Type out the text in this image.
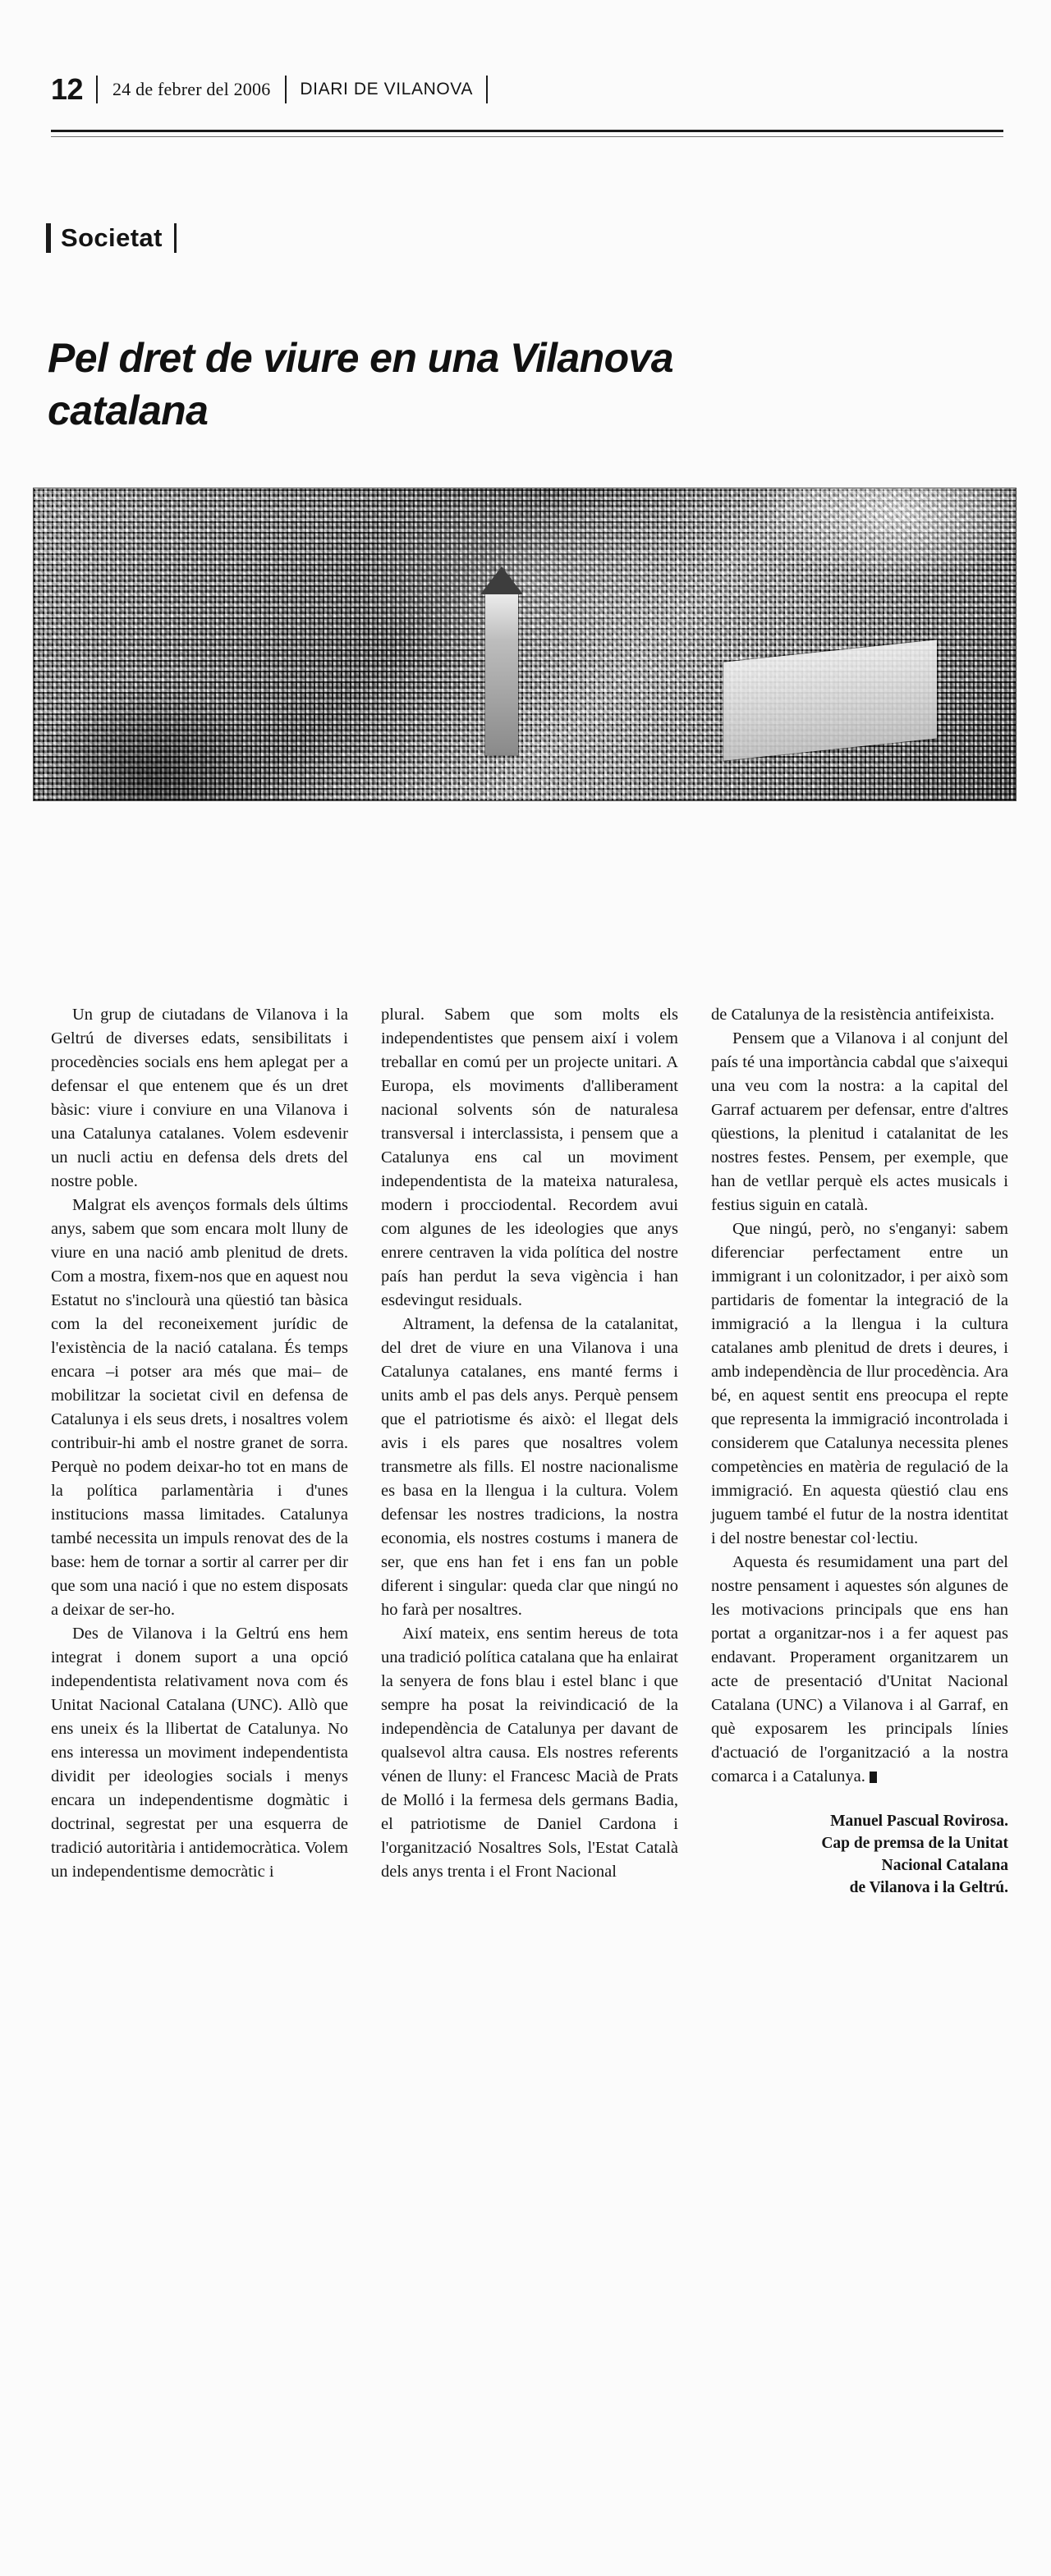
12	24 de febrer del 2006	DIARI DE VILANOVA
Societat
Pel dret de viure en una Vilanova catalana

Un grup de ciutadans de Vilanova i la Geltrú de diverses edats, sensibilitats i procedències socials ens hem aplegat per a defensar el que entenem que és un dret bàsic: viure i conviure en una Vilanova i una Catalunya catalanes. Volem esdevenir un nucli actiu en defensa dels drets del nostre poble.

Malgrat els avenços formals dels últims anys, sabem que som encara molt lluny de viure en una nació amb plenitud de drets. Com a mostra, fixem-nos que en aquest nou Estatut no s'inclourà una qüestió tan bàsica com la del reconeixement jurídic de l'existència de la nació catalana. És temps encara –i potser ara més que mai– de mobilitzar la societat civil en defensa de Catalunya i els seus drets, i nosaltres volem contribuir-hi amb el nostre granet de sorra. Perquè no podem deixar-ho tot en mans de la política parlamentària i d'unes institucions massa limitades. Catalunya també necessita un impuls renovat des de la base: hem de tornar a sortir al carrer per dir que som una nació i que no estem disposats a deixar de ser-ho.

Des de Vilanova i la Geltrú ens hem integrat i donem suport a una opció independentista relativament nova com és Unitat Nacional Catalana (UNC). Allò que ens uneix és la llibertat de Catalunya. No ens interessa un moviment independentista dividit per ideologies socials i menys encara un independentisme dogmàtic i doctrinal, segrestat per una esquerra de tradició autoritària i antidemocràtica. Volem un independentisme democràtic i

plural. Sabem que som molts els independentistes que pensem així i volem treballar en comú per un projecte unitari. A Europa, els moviments d'alliberament nacional solvents són de naturalesa transversal i interclassista, i pensem que a Catalunya ens cal un moviment independentista de la mateixa naturalesa, modern i procciodental. Recordem avui com algunes de les ideologies que anys enrere centraven la vida política del nostre país han perdut la seva vigència i han esdevingut residuals.

Altrament, la defensa de la catalanitat, del dret de viure en una Vilanova i una Catalunya catalanes, ens manté ferms i units amb el pas dels anys. Perquè pensem que el patriotisme és això: el llegat dels avis i els pares que nosaltres volem transmetre als fills. El nostre nacionalisme es basa en la llengua i la cultura. Volem defensar les nostres tradicions, la nostra economia, els nostres costums i manera de ser, que ens han fet i ens fan un poble diferent i singular: queda clar que ningú no ho farà per nosaltres.

Així mateix, ens sentim hereus de tota una tradició política catalana que ha enlairat la senyera de fons blau i estel blanc i que sempre ha posat la reivindicació de la independència de Catalunya per davant de qualsevol altra causa. Els nostres referents vénen de lluny: el Francesc Macià de Prats de Molló i la fermesa dels germans Badia, el patriotisme de Daniel Cardona i l'organització Nosaltres Sols, l'Estat Català dels anys trenta i el Front Nacional

de Catalunya de la resistència antifeixista.

Pensem que a Vilanova i al conjunt del país té una importància cabdal que s'aixequi una veu com la nostra: a la capital del Garraf actuarem per defensar, entre d'altres qüestions, la plenitud i catalanitat de les nostres festes. Pensem, per exemple, que han de vetllar perquè els actes musicals i festius siguin en català.

Que ningú, però, no s'enganyi: sabem diferenciar perfectament entre un immigrant i un colonitzador, i per això som partidaris de fomentar la integració de la immigració a la llengua i la cultura catalanes amb plenitud de drets i deures, i amb independència de llur procedència. Ara bé, en aquest sentit ens preocupa el repte que representa la immigració incontrolada i considerem que Catalunya necessita plenes competències en matèria de regulació de la immigració. En aquesta qüestió clau ens juguem també el futur de la nostra identitat i del nostre benestar col·lectiu.

Aquesta és resumidament una part del nostre pensament i aquestes són algunes de les motivacions principals que ens han portat a organitzar-nos i a fer aquest pas endavant. Properament organitzarem un acte de presentació d'Unitat Nacional Catalana (UNC) a Vilanova i al Garraf, en què exposarem les principals línies d'actuació de l'organització a la nostra comarca i a Catalunya.

Manuel Pascual Rovirosa.
Cap de premsa de la Unitat
Nacional Catalana
de Vilanova i la Geltrú.
